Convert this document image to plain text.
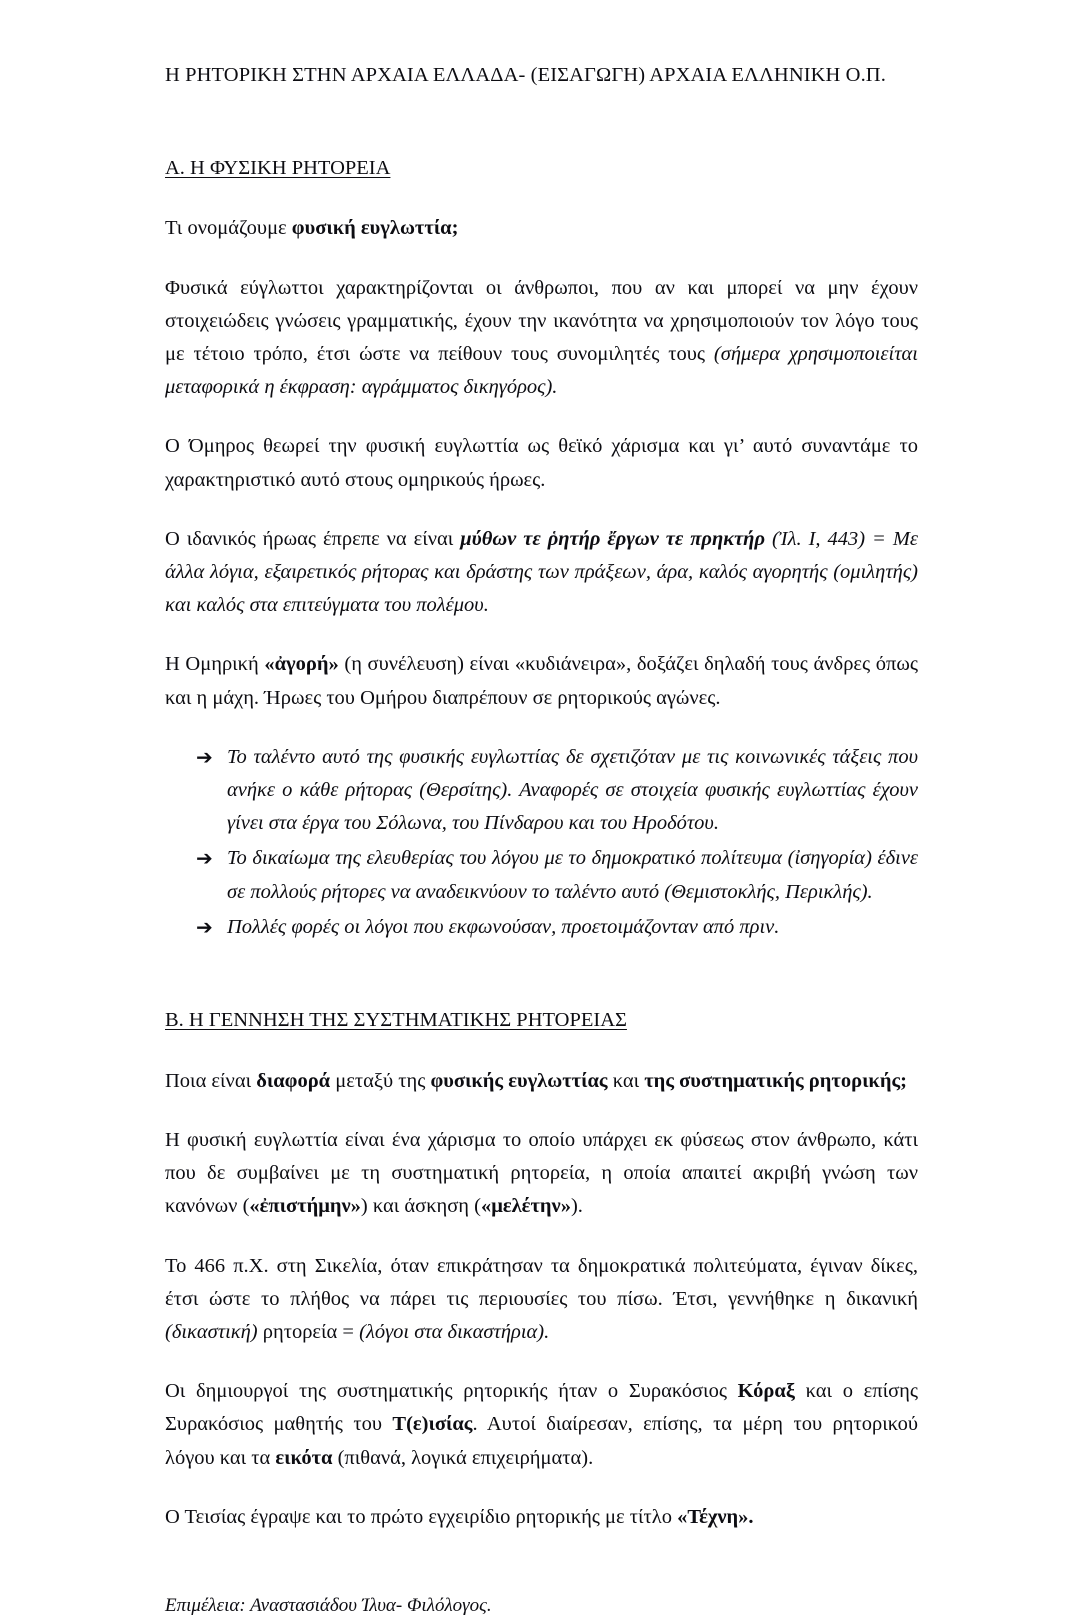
Η ΡΗΤΟΡΙΚΗ ΣΤΗΝ ΑΡΧΑΙΑ ΕΛΛΑΔΑ- (ΕΙΣΑΓΩΓΗ) ΑΡΧΑΙΑ ΕΛΛΗΝΙΚΗ Ο.Π.
Α. Η ΦΥΣΙΚΗ ΡΗΤΟΡΕΙΑ

Τι ονομάζουμε φυσική ευγλωττία;

Φυσικά εύγλωττοι χαρακτηρίζονται οι άνθρωποι, που αν και μπορεί να μην έχουν στοιχειώδεις γνώσεις γραμματικής, έχουν την ικανότητα να χρησιμοποιούν τον λόγο τους με τέτοιο τρόπο, έτσι ώστε να πείθουν τους συνομιλητές τους (σήμερα χρησιμοποιείται μεταφορικά η έκφραση: αγράμματος δικηγόρος).

Ο Όμηρος θεωρεί την φυσική ευγλωττία ως θεϊκό χάρισμα και γι’ αυτό συναντάμε το χαρακτηριστικό αυτό στους ομηρικούς ήρωες.

Ο ιδανικός ήρωας έπρεπε να είναι μύθων τε ῥητήρ ἔργων τε πρηκτήρ (Ἰλ. Ι, 443) = Με άλλα λόγια, εξαιρετικός ρήτορας και δράστης των πράξεων, άρα, καλός αγορητής (ομιλητής) και καλός στα επιτεύγματα του πολέμου.

Η Ομηρική «ἀγορή» (η συνέλευση) είναι «κυδιάνειρα», δοξάζει δηλαδή τους άνδρες όπως και η μάχη. Ήρωες του Ομήρου διαπρέπουν σε ρητορικούς αγώνες.

➔ Το ταλέντο αυτό της φυσικής ευγλωττίας δε σχετιζόταν με τις κοινωνικές τάξεις που ανήκε ο κάθε ρήτορας (Θερσίτης). Αναφορές σε στοιχεία φυσικής ευγλωττίας έχουν γίνει στα έργα του Σόλωνα, του Πίνδαρου και του Ηροδότου.
➔ Το δικαίωμα της ελευθερίας του λόγου με το δημοκρατικό πολίτευμα (ἰσηγορία) έδινε σε πολλούς ρήτορες να αναδεικνύουν το ταλέντο αυτό (Θεμιστοκλής, Περικλής).
➔ Πολλές φορές οι λόγοι που εκφωνούσαν, προετοιμάζονταν από πριν.
Β. Η ΓΕΝΝΗΣΗ ΤΗΣ ΣΥΣΤΗΜΑΤΙΚΗΣ ΡΗΤΟΡΕΙΑΣ

Ποια είναι διαφορά μεταξύ της φυσικής ευγλωττίας και της συστηματικής ρητορικής;

Η φυσική ευγλωττία είναι ένα χάρισμα το οποίο υπάρχει εκ φύσεως στον άνθρωπο, κάτι που δε συμβαίνει με τη συστηματική ρητορεία, η οποία απαιτεί ακριβή γνώση των κανόνων («ἐπιστήμην») και άσκηση («μελέτην»).

Το 466 π.Χ. στη Σικελία, όταν επικράτησαν τα δημοκρατικά πολιτεύματα, έγιναν δίκες, έτσι ώστε το πλήθος να πάρει τις περιουσίες του πίσω. Έτσι, γεννήθηκε η δικανική (δικαστική) ρητορεία = (λόγοι στα δικαστήρια).

Οι δημιουργοί της συστηματικής ρητορικής ήταν ο Συρακόσιος Κόραξ και ο επίσης Συρακόσιος μαθητής του Τ(ε)ισίας. Αυτοί διαίρεσαν, επίσης, τα μέρη του ρητορικού λόγου και τα εικότα (πιθανά, λογικά επιχειρήματα).

Ο Τεισίας έγραψε και το πρώτο εγχειρίδιο ρητορικής με τίτλο «Τέχνη».

Επιμέλεια: Αναστασιάδου Ίλυα- Φιλόλογος.
